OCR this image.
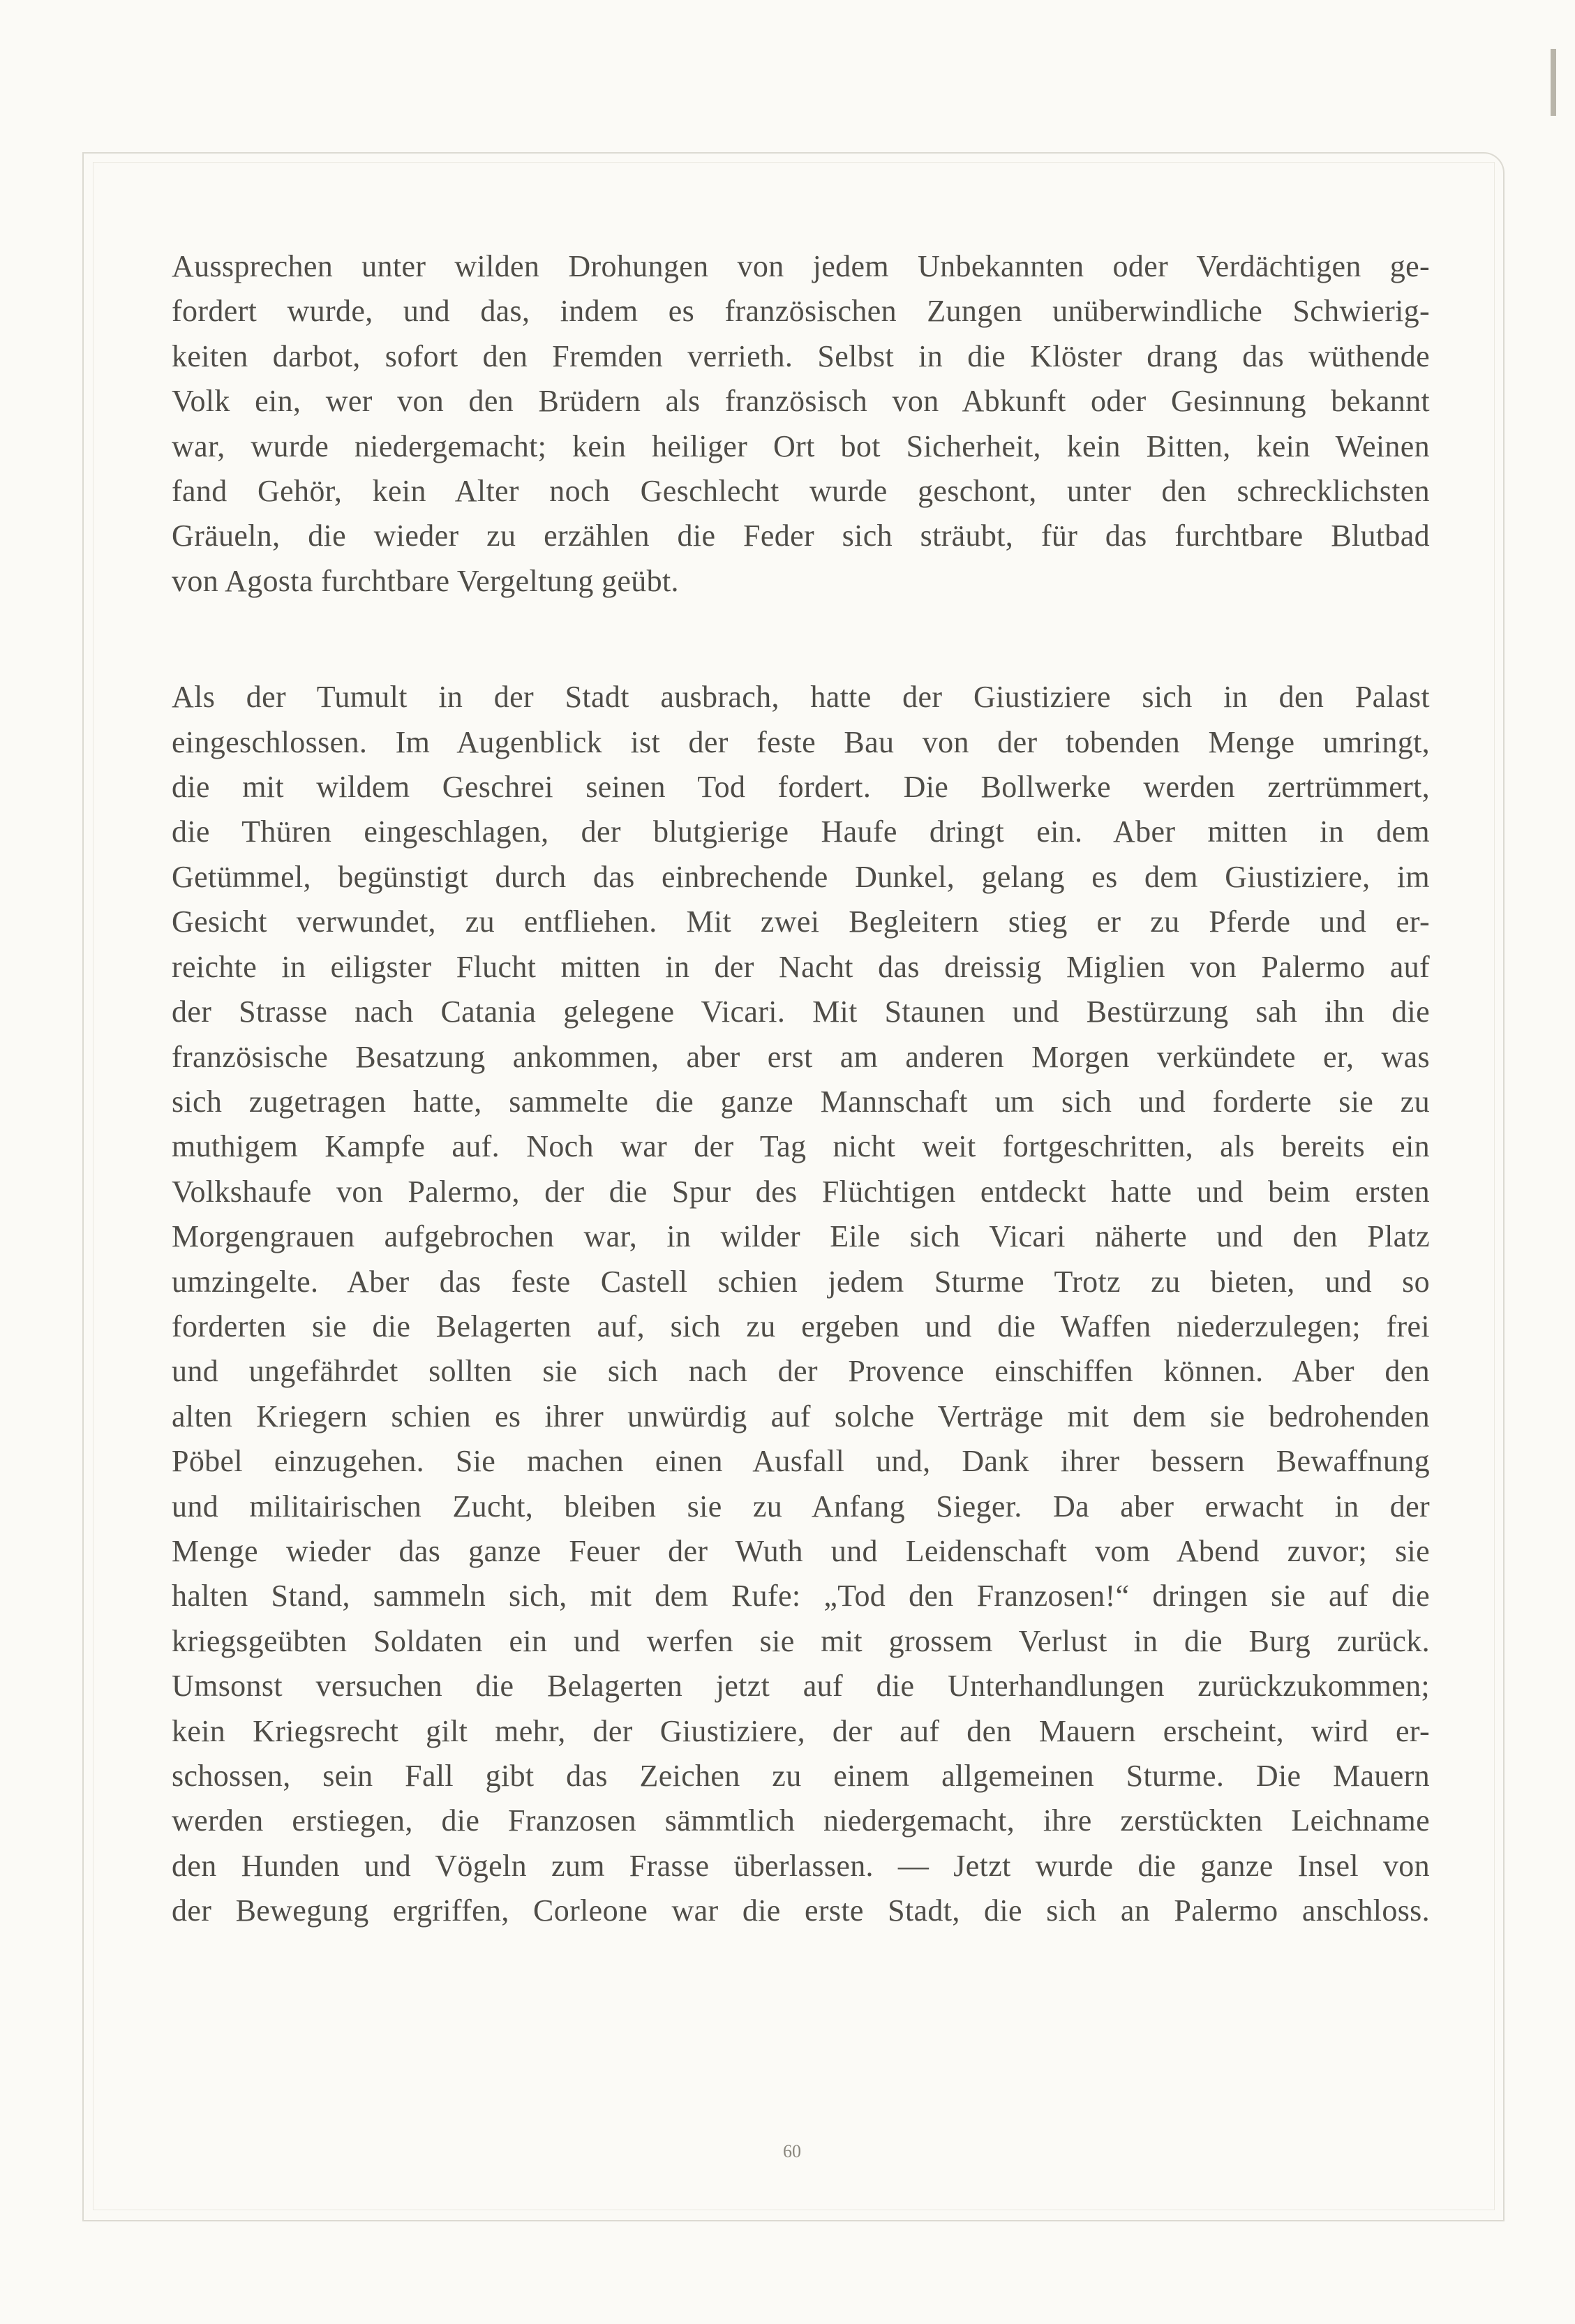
Aussprechen unter wilden Drohungen von jedem Unbekannten oder Verdächtigen ge-

fordert wurde, und das, indem es französischen Zungen unüberwindliche Schwierig-

keiten darbot, sofort den Fremden verrieth. Selbst in die Klöster drang das wüthende

Volk ein, wer von den Brüdern als französisch von Abkunft oder Gesinnung bekannt

war, wurde niedergemacht; kein heiliger Ort bot Sicherheit, kein Bitten, kein Weinen

fand Gehör, kein Alter noch Geschlecht wurde geschont, unter den schrecklichsten

Gräueln, die wieder zu erzählen die Feder sich sträubt, für das furchtbare Blutbad

von Agosta furchtbare Vergeltung geübt.

Als der Tumult in der Stadt ausbrach, hatte der Giustiziere sich in den Palast

eingeschlossen. Im Augenblick ist der feste Bau von der tobenden Menge umringt,

die mit wildem Geschrei seinen Tod fordert. Die Bollwerke werden zertrümmert,

die Thüren eingeschlagen, der blutgierige Haufe dringt ein. Aber mitten in dem

Getümmel, begünstigt durch das einbrechende Dunkel, gelang es dem Giustiziere, im

Gesicht verwundet, zu entfliehen. Mit zwei Begleitern stieg er zu Pferde und er-

reichte in eiligster Flucht mitten in der Nacht das dreissig Miglien von Palermo auf

der Strasse nach Catania gelegene Vicari. Mit Staunen und Bestürzung sah ihn die

französische Besatzung ankommen, aber erst am anderen Morgen verkündete er, was

sich zugetragen hatte, sammelte die ganze Mannschaft um sich und forderte sie zu

muthigem Kampfe auf. Noch war der Tag nicht weit fortgeschritten, als bereits ein

Volkshaufe von Palermo, der die Spur des Flüchtigen entdeckt hatte und beim ersten

Morgengrauen aufgebrochen war, in wilder Eile sich Vicari näherte und den Platz

umzingelte. Aber das feste Castell schien jedem Sturme Trotz zu bieten, und so

forderten sie die Belagerten auf, sich zu ergeben und die Waffen niederzulegen; frei

und ungefährdet sollten sie sich nach der Provence einschiffen können. Aber den

alten Kriegern schien es ihrer unwürdig auf solche Verträge mit dem sie bedrohenden

Pöbel einzugehen. Sie machen einen Ausfall und, Dank ihrer bessern Bewaffnung

und militairischen Zucht, bleiben sie zu Anfang Sieger. Da aber erwacht in der

Menge wieder das ganze Feuer der Wuth und Leidenschaft vom Abend zuvor; sie

halten Stand, sammeln sich, mit dem Rufe: „Tod den Franzosen!“ dringen sie auf die

kriegsgeübten Soldaten ein und werfen sie mit grossem Verlust in die Burg zurück.

Umsonst versuchen die Belagerten jetzt auf die Unterhandlungen zurückzukommen;

kein Kriegsrecht gilt mehr, der Giustiziere, der auf den Mauern erscheint, wird er-

schossen, sein Fall gibt das Zeichen zu einem allgemeinen Sturme. Die Mauern

werden erstiegen, die Franzosen sämmtlich niedergemacht, ihre zerstückten Leichname

den Hunden und Vögeln zum Frasse überlassen. — Jetzt wurde die ganze Insel von

der Bewegung ergriffen, Corleone war die erste Stadt, die sich an Palermo anschloss.

60
